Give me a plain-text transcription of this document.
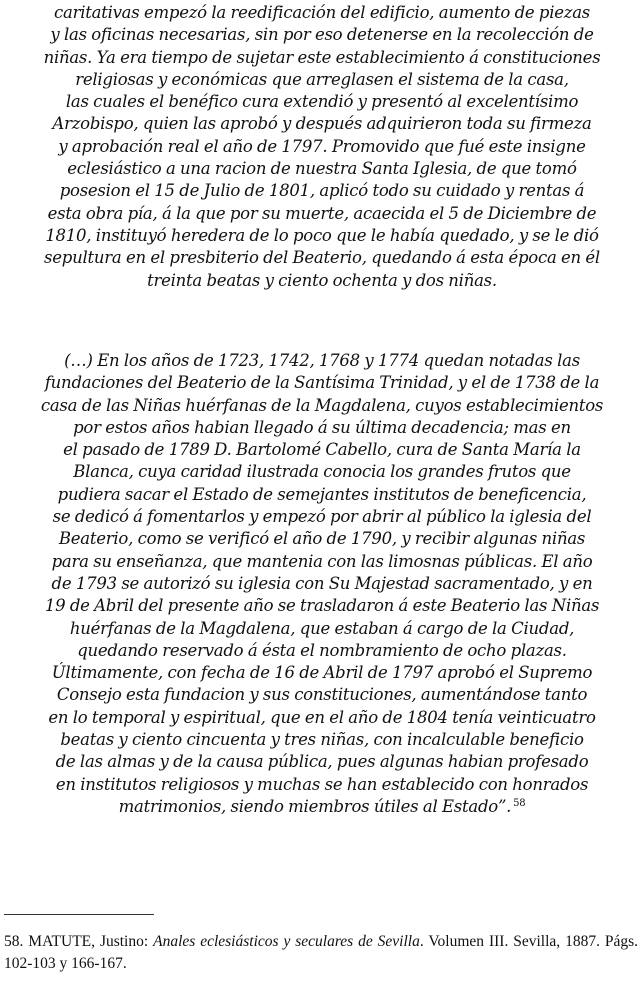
caritativas empezó la reedificación del edificio, aumento de piezas
y las oficinas necesarias, sin por eso detenerse en la recolección de
niñas. Ya era tiempo de sujetar este establecimiento á constituciones
religiosas y económicas que arreglasen el sistema de la casa,
las cuales el benéfico cura extendió y presentó al excelentísimo
Arzobispo, quien las aprobó y después adquirieron toda su firmeza
y aprobación real el año de 1797. Promovido que fué este insigne
eclesiástico a una racion de nuestra Santa Iglesia, de que tomó
posesion el 15 de Julio de 1801, aplicó todo su cuidado y rentas á
esta obra pía, á la que por su muerte, acaecida el 5 de Diciembre de
1810, instituyó heredera de lo poco que le había quedado, y se le dió
sepultura en el presbiterio del Beaterio, quedando á esta época en él
treinta beatas y ciento ochenta y dos niñas.

(…) En los años de 1723, 1742, 1768 y 1774 quedan notadas las
fundaciones del Beaterio de la Santísima Trinidad, y el de 1738 de la
casa de las Niñas huérfanas de la Magdalena, cuyos establecimientos
por estos años habian llegado á su última decadencia; mas en
el pasado de 1789 D. Bartolomé Cabello, cura de Santa María la
Blanca, cuya caridad ilustrada conocia los grandes frutos que
pudiera sacar el Estado de semejantes institutos de beneficencia,
se dedicó á fomentarlos y empezó por abrir al público la iglesia del
Beaterio, como se verificó el año de 1790, y recibir algunas niñas
para su enseñanza, que mantenia con las limosnas públicas. El año
de 1793 se autorizó su iglesia con Su Majestad sacramentado, y en
19 de Abril del presente año se trasladaron á este Beaterio las Niñas
huérfanas de la Magdalena, que estaban á cargo de la Ciudad,
quedando reservado á ésta el nombramiento de ocho plazas.
Últimamente, con fecha de 16 de Abril de 1797 aprobó el Supremo
Consejo esta fundacion y sus constituciones, aumentándose tanto
en lo temporal y espiritual, que en el año de 1804 tenía veinticuatro
beatas y ciento cincuenta y tres niñas, con incalculable beneficio
de las almas y de la causa pública, pues algunas habian profesado
en institutos religiosos y muchas se han establecido con honrados
matrimonios, siendo miembros útiles al Estado”. $^{58}$

58. MATUTE, Justino: Anales eclesiásticos y seculares de Sevilla. Volumen III. Sevilla, 1887. Págs. 102-103 y 166-167.
